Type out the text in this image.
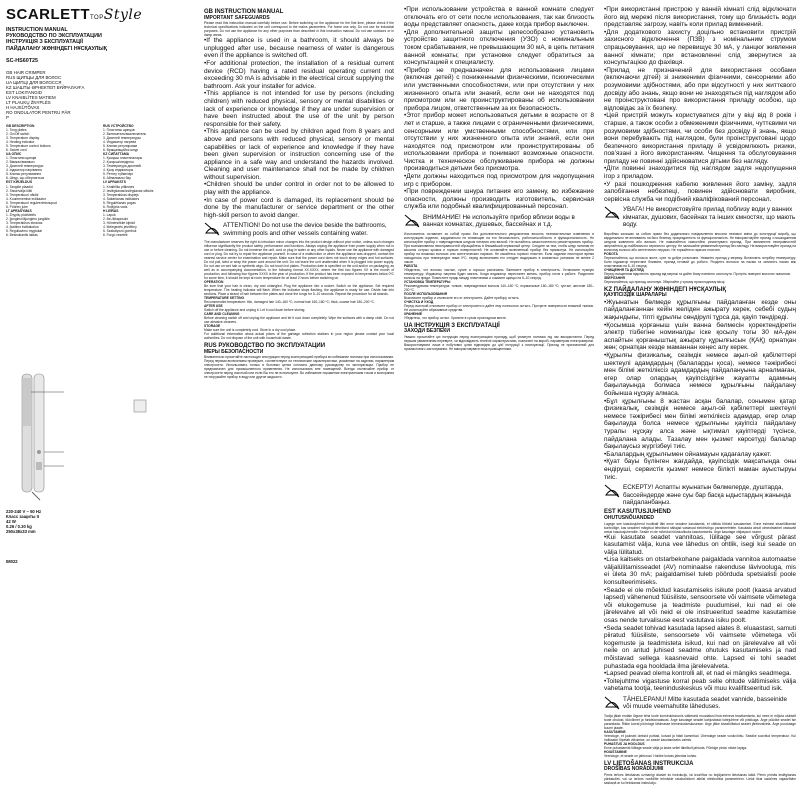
SCARLETTTOPStyle
INSTRUCTION MANUAL
РУКОВОДСТВО ПО ЭКСПЛУАТАЦИИ
ІНСТРУКЦІЯ З ЕКСПЛУАТАЦІЇ
ПАЙДАЛАНУ ЖӨНІНДЕГІ НҰСҚАУЛЫҚ
SC-HS60T25
GB HAIR CRIMPER
RUS ЩИПЦЫ ДЛЯ ВОЛОС
UA ЩИПЦІ ДЛЯ ВОЛОССЯ
KZ ШАШТЫ ӨРНЕКТЕП БҰЙРАЛАУҒА
EST LOKITANGID
LV KNAIBLĪTES MATIEM
LT PLAUKŲ ŽNYPLĖS
H HAJSÜTŐVAS
RO ONDULATOR PENTRU PĂR
Р
GB DESCRIPTION
1. Tong plates
2. On/Off switch
3. Temperature display
4. Heating indicator
5. Temperature control buttons
6. Swivel cord
UA ОПИС
1. Пластини щипців
2. Вмикач/вимикач
3. Дисплей температури
4. Індикатор нагрівання
5. Кнопки регулювання
6. Шнур, що обертається
EST KIRJELDUS
1. Tangide plaadid
2. Sisse/välja lüliti
3. Temperatuuri näidik
4. Kuumenemise indikaator
5. Temperatuuri reguleerimisnupud
6. Pöörlev juhe
LT APRAŠYMAS
1. Žnyplių plokštelės
2. Įjungimo/išjungimo jungiklis
3. Temperatūros ekranas
4. Įkaitimo indikatorius
5. Reguliavimo mygtukai
6. Besisukantis laidas
RUS УСТРОЙСТВО
1. Пластины щипцов
2. Включатель/выключатель
3. Дисплей температуры
4. Индикатор нагрева
5. Кнопки регулировки
6. Вращающийся шнур
KZ СИПАТТАМА
1. Қысқыш пластиналары
2. Қосқыш/сөндіргіш
3. Температура дисплейі
4. Қызу индикаторы
5. Реттеу түймелері
6. Айналмалы бау
LV APRAKSTS
1. Knaiblīšu plāksnes
2. Ieslēgšanas/izslēgšanas slēdzis
3. Temperatūras displejs
4. Sakaršanas indikators
5. Regulēšanas pogas
6. Rotējošs vads
H LEÍRÁS
1. Lapok
2. Be-/kikapcsoló
3. Hőmérséklet kijelző
4. Melegedés jelzőfény
5. Szabályozó gombok
6. Forgó vezeték
220-240 V ~ 50 Hz
Класс защиты II
42 W
0.26 / 0.30 kg
250x38x33 mm
IM022
GB INSTRUCTION MANUAL
IMPORTANT SAFEGUARDS

Please read this instruction manual carefully before use. Before switching on the appliance for the first time, please check if the technical specifications indicated on the unit correspond to the mains parameters. For home use only. Do not use for industrial purposes. Do not use the appliance for any other purposes than described in this instruction manual. Do not use outdoors or in damp areas.

•If the appliance is used in a bathroom, it should always be unplugged after use, because nearness of water is dangerous even if the appliance is switched off.

•For additional protection, the installation of a residual current device (RCD) having a rated residual operating current not exceeding 30 mA is advisable in the electrical circuit supplying the bathroom. Ask your installer for advice.

•This appliance is not intended for use by persons (including children) with reduced physical, sensory or mental disabilities or lack of experience or knowledge if they are under supervision or have been instructed about the use of the unit by person responsible for their safety.

•This appliance can be used by children aged from 8 years and above and persons with reduced physical, sensory or mental capabilities or lack of experience and knowledge if they have been given supervision or instruction concerning use of the appliance in a safe way and understand the hazards involved. Cleaning and user maintenance shall not be made by children without supervision.

•Children should be under control in order not to be allowed to play with the appliance.

•In case of power cord is damaged, its replacement should be done by the manufacturer or service department or the other high-skill person to avoid danger.

ATTENTION! Do not use the device beside the bathrooms, swimming pools and other vessels containing water.

The manufacturer reserves the right to introduce minor changes into the product design without prior notice, unless such changes influence significantly the product safety, performance and functions. Always unplug the appliance from power supply when not in use or before cleaning. Do not immerse the unit, cord or plug in water or any other liquids. Never use the appliance with damaged cord or plug. Do not try to repair the appliance yourself. In case of a malfunction or when the appliance was dropped, contact the nearest service center for examination and repair. Make sure that the power cord does not touch sharp edges and hot surfaces. Do not pull, twist or wrap the power cord around the unit. Do not leave the unit unattended when it is plugged into power supply. Do not use on wet hair or synthetic wigs. Do not touch hot plates. Production date is specified on the unit and/or on packaging, as well as in accompanying documentation, in the following format XX.XXXX, where the first two figures XX is the month of production, and following four figures XXXX is the year of production. If the product has been exposed to temperatures below 0ºC for some time, it should be kept at room temperature for at least 2 hours before switching on.

OPERATION

Be sure that your hair is clean, dry and untangled. Plug the appliance into a socket. Switch on the appliance. Set required temperature. The heating indicator will flash. When the indicator stops flashing, the appliance is ready for use. Divide hair into sections. Place a strand of hair between the plates and close the tongs for 5–10 seconds. Repeat the procedure for all strands.

TEMPERATURE SETTING

Recommended temperature: thin, damaged hair 140–160 ºC; normal hair 160–180 ºC; thick, coarse hair 180–200 ºC.

AFTER USE

Switch off the appliance and unplug it. Let it cool down before storing.

CARE AND CLEANING

Before cleaning switch off and unplug the appliance and let it cool down completely. Wipe the surfaces with a damp cloth. Do not use abrasive cleaners.

STORAGE

Make sure the unit is completely cool. Store in a dry cool place.

For additional information about actual prices of the garbage collection stations in your region please contact your local authorities. Do not dispose of the unit with household waste.

RUS РУКОВОДСТВО ПО ЭКСПЛУАТАЦИИ
МЕРЫ БЕЗОПАСНОСТИ

Внимательно прочитайте настоящую инструкцию перед эксплуатацией прибора во избежание поломок при использовании. Перед первым включением проверьте, соответствуют ли технические характеристики, указанные на изделии, параметрам электросети. Использовать только в бытовых целях согласно данному руководству по эксплуатации. Прибор не предназначен для промышленного применения. Не использовать вне помещений. Всегда отключайте прибор от электросети перед очисткой или если Вы его не используете. Во избежание поражения электрическим током и возгорания не погружайте прибор в воду или другие жидкости.

•При использовании устройства в ванной комнате следует отключать его от сети после использования, так как близость воды представляет опасность, даже когда прибор выключен.

•Для дополнительной защиты целесообразно установить устройство защитного отключения (УЗО) с номинальным током срабатывания, не превышающим 30 мА, в цепь питания ванной комнаты; при установке следует обратиться за консультацией к специалисту.

•Прибор не предназначен для использования лицами (включая детей) с пониженными физическими, психическими или умственными способностями, или при отсутствии у них жизненного опыта или знаний, если они не находятся под присмотром или не проинструктированы об использовании прибора лицом, ответственным за их безопасность.

•Этот прибор может использоваться детьми в возрасте от 8 лет и старше, а также лицами с ограниченными физическими, сенсорными или умственными способностями, или при отсутствии у них жизненного опыта или знаний, если они находятся под присмотром или проинструктированы об использовании прибора и понимают возможные опасности. Чистка и техническое обслуживание прибора не должны производиться детьми без присмотра.

•Дети должны находиться под присмотром для недопущения игр с прибором.

•При повреждении шнура питания его замену, во избежание опасности, должны производить изготовитель, сервисная служба или подобный квалифицированный персонал.

ВНИМАНИЕ! Не используйте прибор вблизи воды в ваннах комнатах, душевых, бассейнах и т.д.

Изготовитель оставляет за собой право без дополнительного уведомления вносить незначительные изменения в конструкцию изделия, кардинально не влияющие на его безопасность, работоспособность и функциональность. Не используйте прибор с поврежденным шнуром питания или вилкой. Не пытайтесь самостоятельно ремонтировать прибор. При возникновении неисправностей обращайтесь в ближайший сервисный центр. Следите за тем, чтобы шнур питания не касался острых кромок и горячих поверхностей. Не оставляйте включенный прибор без присмотра. Не используйте прибор на влажных волосах или синтетических париках. Не касайтесь горячих пластин. Если изделие некоторое время находилось при температуре ниже 0ºC, перед включением его следует выдержать в комнатных условиях не менее 2 часов.

РАБОТА

Убедитесь, что волосы чистые, сухие и хорошо расчесаны. Включите прибор в электросеть. Установите нужную температуру. Индикатор нагрева будет мигать. Когда индикатор перестанет мигать, прибор готов к работе. Разделите волосы на пряди. Поместите прядь между пластинами и сожмите щипцы на 5–10 секунд.

УСТАНОВКА ТЕМПЕРАТУРЫ

Рекомендуемая температура: тонкие, поврежденные волосы 140–160 ºC; нормальные 160–180 ºC; густые, жесткие 180–200 ºC.

ПОСЛЕ ИСПОЛЬЗОВАНИЯ

Выключите прибор и отключите его от электросети. Дайте прибору остыть.

ОЧИСТКА И УХОД

Перед очисткой отключите прибор от электросети и дайте ему полностью остыть. Протрите поверхности влажной тканью. Не используйте абразивные средства.

ХРАНЕНИЕ

Убедитесь, что прибор остыл. Храните в сухом прохладном месте.

UA ІНСТРУКЦІЯ З ЕКСПЛУАТАЦІЇ
ЗАХОДИ БЕЗПЕКИ

Уважно прочитайте цю інструкцію перед експлуатацією приладу, щоб уникнути поломок під час використання. Перед першим увімкненням перевірте, чи відповідають технічні характеристики, позначені на виробі, параметрам електромережі. Використовувати лише в побутових цілях відповідно до цієї інструкції з експлуатації. Прилад не призначений для промислового застосування. Не використовувати поза приміщеннями.

•При використанні пристрою у ванній кімнаті слід відключати його від мережі після використання, тому що близькість води представляє загрозу, навіть коли прилад вимкнений.

•Для додаткового захисту доцільно встановити пристрій захисного відключення (ПЗВ) з номінальним струмом спрацьовування, що не перевищує 30 мА, у ланцюг живлення ванної кімнати; при встановленні слід звернутися за консультацією до фахівця.

•Прилад не призначений для використання особами (включаючи дітей) зі зниженими фізичними, сенсорними або розумовими здібностями, або при відсутності у них життєвого досвіду або знань, якщо вони не знаходяться під наглядом або не проінструктовані про використання приладу особою, що відповідає за їх безпеку.

•Цей пристрій можуть користуватися діти у віці від 8 років і старше, а також особи з обмеженими фізичними, чуттєвими чи розумовими здібностями, чи особи без досвіду й знань, якщо вони перебувають під наглядом, були проінструктовані щодо безпечного використання приладу й усвідомлюють ризики, пов’язані з його використанням. Чищення та обслуговування приладу не повинні здійснюватися дітьми без нагляду.

•Діти повинні знаходитися під наглядом задля недопущення ігор з приладом.

•У разі пошкодження кабелю живлення його заміну, задля запобігання небезпеці, повинен здійснювати виробник, сервісна служба чи подібний кваліфікований персонал.

УВАГА! Не використовуйте прилад поблизу води у ванних кімнатах, душових, басейнах та інших ємностях, що мають воду.

Виробник залишає за собою право без додаткового повідомлення вносити незначні зміни до конструкції виробу, що кардинально не впливають на його безпеку, працездатність та функціональність. Не використовуйте прилад з пошкодженим шнуром живлення або вилкою. Не намагайтеся самостійно ремонтувати прилад. При виникненні несправностей звертайтеся до найближчого сервісного центру. Не залишайте увімкнений прилад без нагляду. Не використовуйте прилад на вологому волоссі або синтетичних перуках. Не торкайтеся гарячих пластин.

РОБОТА

Переконайтеся, що волосся чисте, сухе та добре розчесане. Увімкніть прилад у мережу. Встановіть потрібну температуру. Коли індикатор перестане блимати, прилад готовий до роботи. Розділіть волосся на пасма та затисніть пасмо між пластинами на 5–10 секунд.

ОЧИЩЕННЯ ТА ДОГЛЯД

Перед очищенням відключіть прилад від мережі та дайте йому повністю охолонути. Протріть поверхні вологою тканиною.

ЗБЕРІГАННЯ

Переконайтеся, що прилад охолонув. Зберігайте у сухому прохолодному місці.

KZ ПАЙДАЛАНУ ЖӨНІНДЕГІ НҰСҚАУЛЫҚ
ҚАУІПСІЗДІК ШАРАЛАРЫ

•Жуынатын бөлмеде құрылғыны пайдаланған кезде оны пайдаланғаннан кейін желіден ажырату керек, себебі судың жақындығы, тіпті құрылғы сөндірулі тұрса да, қауіп төндіреді.

•Қосымша қорғаныш үшін ванна бөлмесін қоректендіретін электр тізбегіне номиналды іске қосылу тогы 30 мА-ден аспайтын қорғаныштық ажырату құрылғысын (ҚАҚ) орнатқан жөн; орнатқан кезде маманнан кеңес алу керек.

•Құрылғы физикалық, сезімдік немесе ақыл-ой қабілеттері шектеулі адамдардың (балаларды қоса), немесе тәжірибесі мен білімі жеткіліксіз адамдардың пайдалануына арналмаған, егер олар олардың қауіпсіздігіне жауапты адамның бақылауында болмаса немесе құрылғыны пайдалану бойынша нұсқау алмаса.

•Бұл құрылғыны 8 жастан асқан балалар, сонымен қатар физикалық, сезімдік немесе ақыл-ой қабілеттері шектеулі немесе тәжірибесі мен білімі жеткіліксіз адамдар, егер олар бақылауда болса немесе құрылғыны қауіпсіз пайдалану туралы нұсқау алса және ықтимал қауіптерді түсінсе, пайдалана алады. Тазалау мен қызмет көрсетуді балалар бақылаусыз жүргізбеуі тиіс.

•Балалардың құрылғымен ойнамауын қадағалау қажет.

•Қуат бауы бүлінген жағдайда, қауіпсіздік мақсатында оны өндіруші, сервистік қызмет немесе білікті маман ауыстыруы тиіс.

ЕСКЕРТУ! Аспапты жуынатын бөлмелерде, душтарда, бассейндерде және суы бар басқа ыдыстардың жанында пайдаланбаңыз.
EST KASUTUSJUHEND
OHUTUSNÕUANDED

Lugege see kasutusjuhend hoolikalt läbi enne seadme kasutamist, et vältida tõrkeid kasutamisel. Enne esimest sisselülitamist kontrollige, kas seadmel märgitud tehnilised näitajad vastavad elektrivõrgu parameetritele. Kasutada ainult olmeotstarbel vastavalt antud kasutusjuhendile. Seade ei ole mõeldud tööstuslikuks kasutamiseks. Ärge kasutage väljaspool ruume.

•Kui kasutate seadet vannitoas, lülitage see võrgust pärast kasutamist välja, kuna vee lähedus on ohtlik, isegi kui seade on välja lülitatud.

•Lisa kaitseks on otstarbekohane paigaldada vannitoa automaatse väljalülitamisseadet (AV) nominaalse rakenduse lävivooluga, mis ei ületa 30 mA; paigaldamisel tuleb pöörduda spetsialisti poole konsulteerimiseks.

•Seade ei ole mõeldud kasutamiseks isikute poolt (kaasa arvatud lapsed) vähenenud füüsiliste, sensoorsete või vaimsete võimetega või elukogemuse ja teadmiste puudumisel, kui nad ei ole järelevalve all või neid ei ole instrueeritud seadme kasutamise osas nende turvalisuse eest vastutava isiku poolt.

•Seda seadet tohivad kasutada lapsed alates 8. eluaastast, samuti piiratud füüsiliste, sensoorsete või vaimsete võimetega või kogemuste ja teadmisteta isikud, kui nad on järelevalve all või neile on antud juhised seadme ohutuks kasutamiseks ja nad mõistavad sellega kaasnevaid ohte. Lapsed ei tohi seadet puhastada ega hooldada ilma järelevalveta.

•Lapsed peavad olema kontrolli all, et nad ei mängiks seadmega.

•Toitejuhtme vigastuse korral peab selle ohtude vältimiseks välja vahetama tootja, teeninduskeskus või muu kvalifitseeritud isik.

TÄHELEPANU! Mitte kasutada seadet vannide, basseinide või muude veemahutite läheduses.

Tootja jätab endale õiguse teha toote konstruktsioonis väikeseid muudatusi ilma eelneva teavitamiseta, kui need ei mõjuta oluliselt toote ohutust, töövõimet ja funktsionaalsust. Ärge kasutage seadet kahjustatud toitejuhtme või pistikuga. Ärge püüdke seadet ise parandada. Rikke korral pöörduge lähimasse teeninduskeskusesse. Ärge jätke sisselülitatud seadet järelevalveta. Ärge puudutage kuumi plaate.

KASUTAMINE

Veenduge, et juuksed oleksid puhtad, kuivad ja hästi kammitud. Ühendage seade vooluvõrku. Seadke soovitud temperatuur. Kui indikaator lõpetab vilkumise, on seade kasutamiseks valmis.

PUHASTUS JA HOOLDUS

Enne puhastamist lülitage seade välja ja laske sellel täielikult jahtuda. Pühkige pindu niiske lapiga.

HOIUSTAMINE

Veenduge, et seade on jahtunud. Hoidke kuivas jahedas kohas.

LV LIETOŠANAS INSTRUKCIJA
DROŠĪBAS NORĀDĪJUMI

Pirms ierīces lietošanas uzmanīgi izlasiet šo instrukciju, lai izvairītos no bojājumiem lietošanas laikā. Pirms pirmās ieslēgšanas pārbaudiet, vai uz ierīces norādītie tehniskie raksturlielumi atbilst elektrotīkla parametriem. Lietot tikai sadzīves vajadzībām saskaņā ar šo lietošanas instrukciju.
